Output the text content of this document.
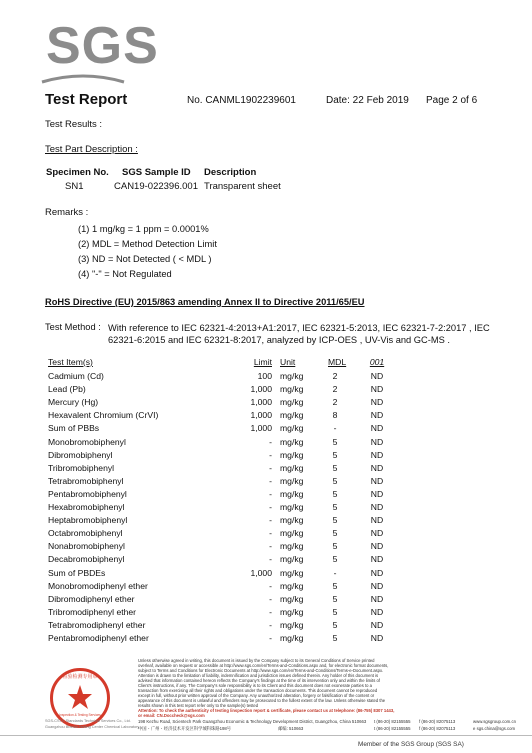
SGS
Test Report	No. CANML1902239601	Date: 22 Feb 2019 Page 2 of 6
Test Results :
Test Part Description :
Specimen No. SGS Sample ID Description
SN1	CAN19-022396.001 Transparent sheet
Remarks :
(1) 1 mg/kg = 1 ppm = 0.0001%
(2) MDL = Method Detection Limit
(3) ND = Not Detected ( < MDL )
(4) "-" = Not Regulated
RoHS Directive (EU) 2015/863 amending Annex II to Directive 2011/65/EU
Test Method : With reference to IEC 62321-4:2013+A1:2017, IEC 62321-5:2013, IEC 62321-7-2:2017 , IEC
62321-6:2015 and IEC 62321-8:2017, analyzed by ICP-OES , UV-Vis and GC-MS .
Test Item(s)	Limit Unit	MDL	001
Cadmium (Cd)	100 mg/kg	2	ND
Lead (Pb)	1,000 mg/kg	2	ND
Mercury (Hg)	1,000 mg/kg	2	ND
Hexavalent Chromium (CrVI)	1,000 mg/kg	8	ND
Sum of PBBs	1,000 mg/kg	-	ND
Monobromobiphenyl	- mg/kg	5	ND
Dibromobiphenyl	- mg/kg	5	ND
Tribromobiphenyl	- mg/kg	5	ND
Tetrabromobiphenyl	- mg/kg	5	ND
Pentabromobiphenyl	- mg/kg	5	ND
Hexabromobiphenyl	- mg/kg	5	ND
Heptabromobiphenyl	- mg/kg	5	ND
Octabromobiphenyl	- mg/kg	5	ND
Nonabromobiphenyl	- mg/kg	5	ND
Decabromobiphenyl	- mg/kg	5	ND
Sum of PBDEs	1,000 mg/kg	-	ND
Monobromodiphenyl ether	- mg/kg	5	ND
Dibromodiphenyl ether	- mg/kg	5	ND
Tribromodiphenyl ether	- mg/kg	5	ND
Tetrabromodiphenyl ether	- mg/kg	5	ND
Pentabromodiphenyl ether	- mg/kg	5	ND
检验检测专用章
Inspection & Testing Services
SGS-CSTC Standards Technical Services Co., Ltd.
Guangzhou Branch Testing Center Chemical Laboratory
Unless otherwise agreed in writing, this document is issued by the Company subject to its General Conditions of Service printed
overleaf, available on request or accessible at http://www.sgs.com/en/Terms-and-Conditions.aspx and, for electronic format documents,
subject to Terms and Conditions for Electronic Documents at http://www.sgs.com/en/Terms-and-Conditions/Terms-e-Document.aspx.
Attention is drawn to the limitation of liability, indemnification and jurisdiction issues defined therein. Any holder of this document is
advised that information contained hereon reflects the Company's findings at the time of its intervention only and within the limits of
Client's instructions, if any. The Company's sole responsibility is to its Client and this document does not exonerate parties to a
transaction from exercising all their rights and obligations under the transaction documents. This document cannot be reproduced
except in full, without prior written approval of the Company. Any unauthorized alteration, forgery or falsification of the content or
appearance of this document is unlawful and offenders may be prosecuted to the fullest extent of the law. Unless otherwise stated the
results shown in this test report refer only to the sample(s) tested
Attention: To check the authenticity of testing /inspection report & certificate, please contact us at telephone: (86-755) 8307 1443,
or email: CN.Doccheck@sgs.com
198 Kezhu Road, Scientech Park Guangzhou Economic & Technology Development District, Guangzhou, China 510663 t (86-20) 82155555 f (86-20) 82075113	www.sgsgroup.com.cn
中国・广州・经济技术开发区科学城科珠路198号	邮编: 510663	t (86-20) 82155555 f (86-20) 82075113	e sgs.china@sgs.com
Member of the SGS Group (SGS SA)
